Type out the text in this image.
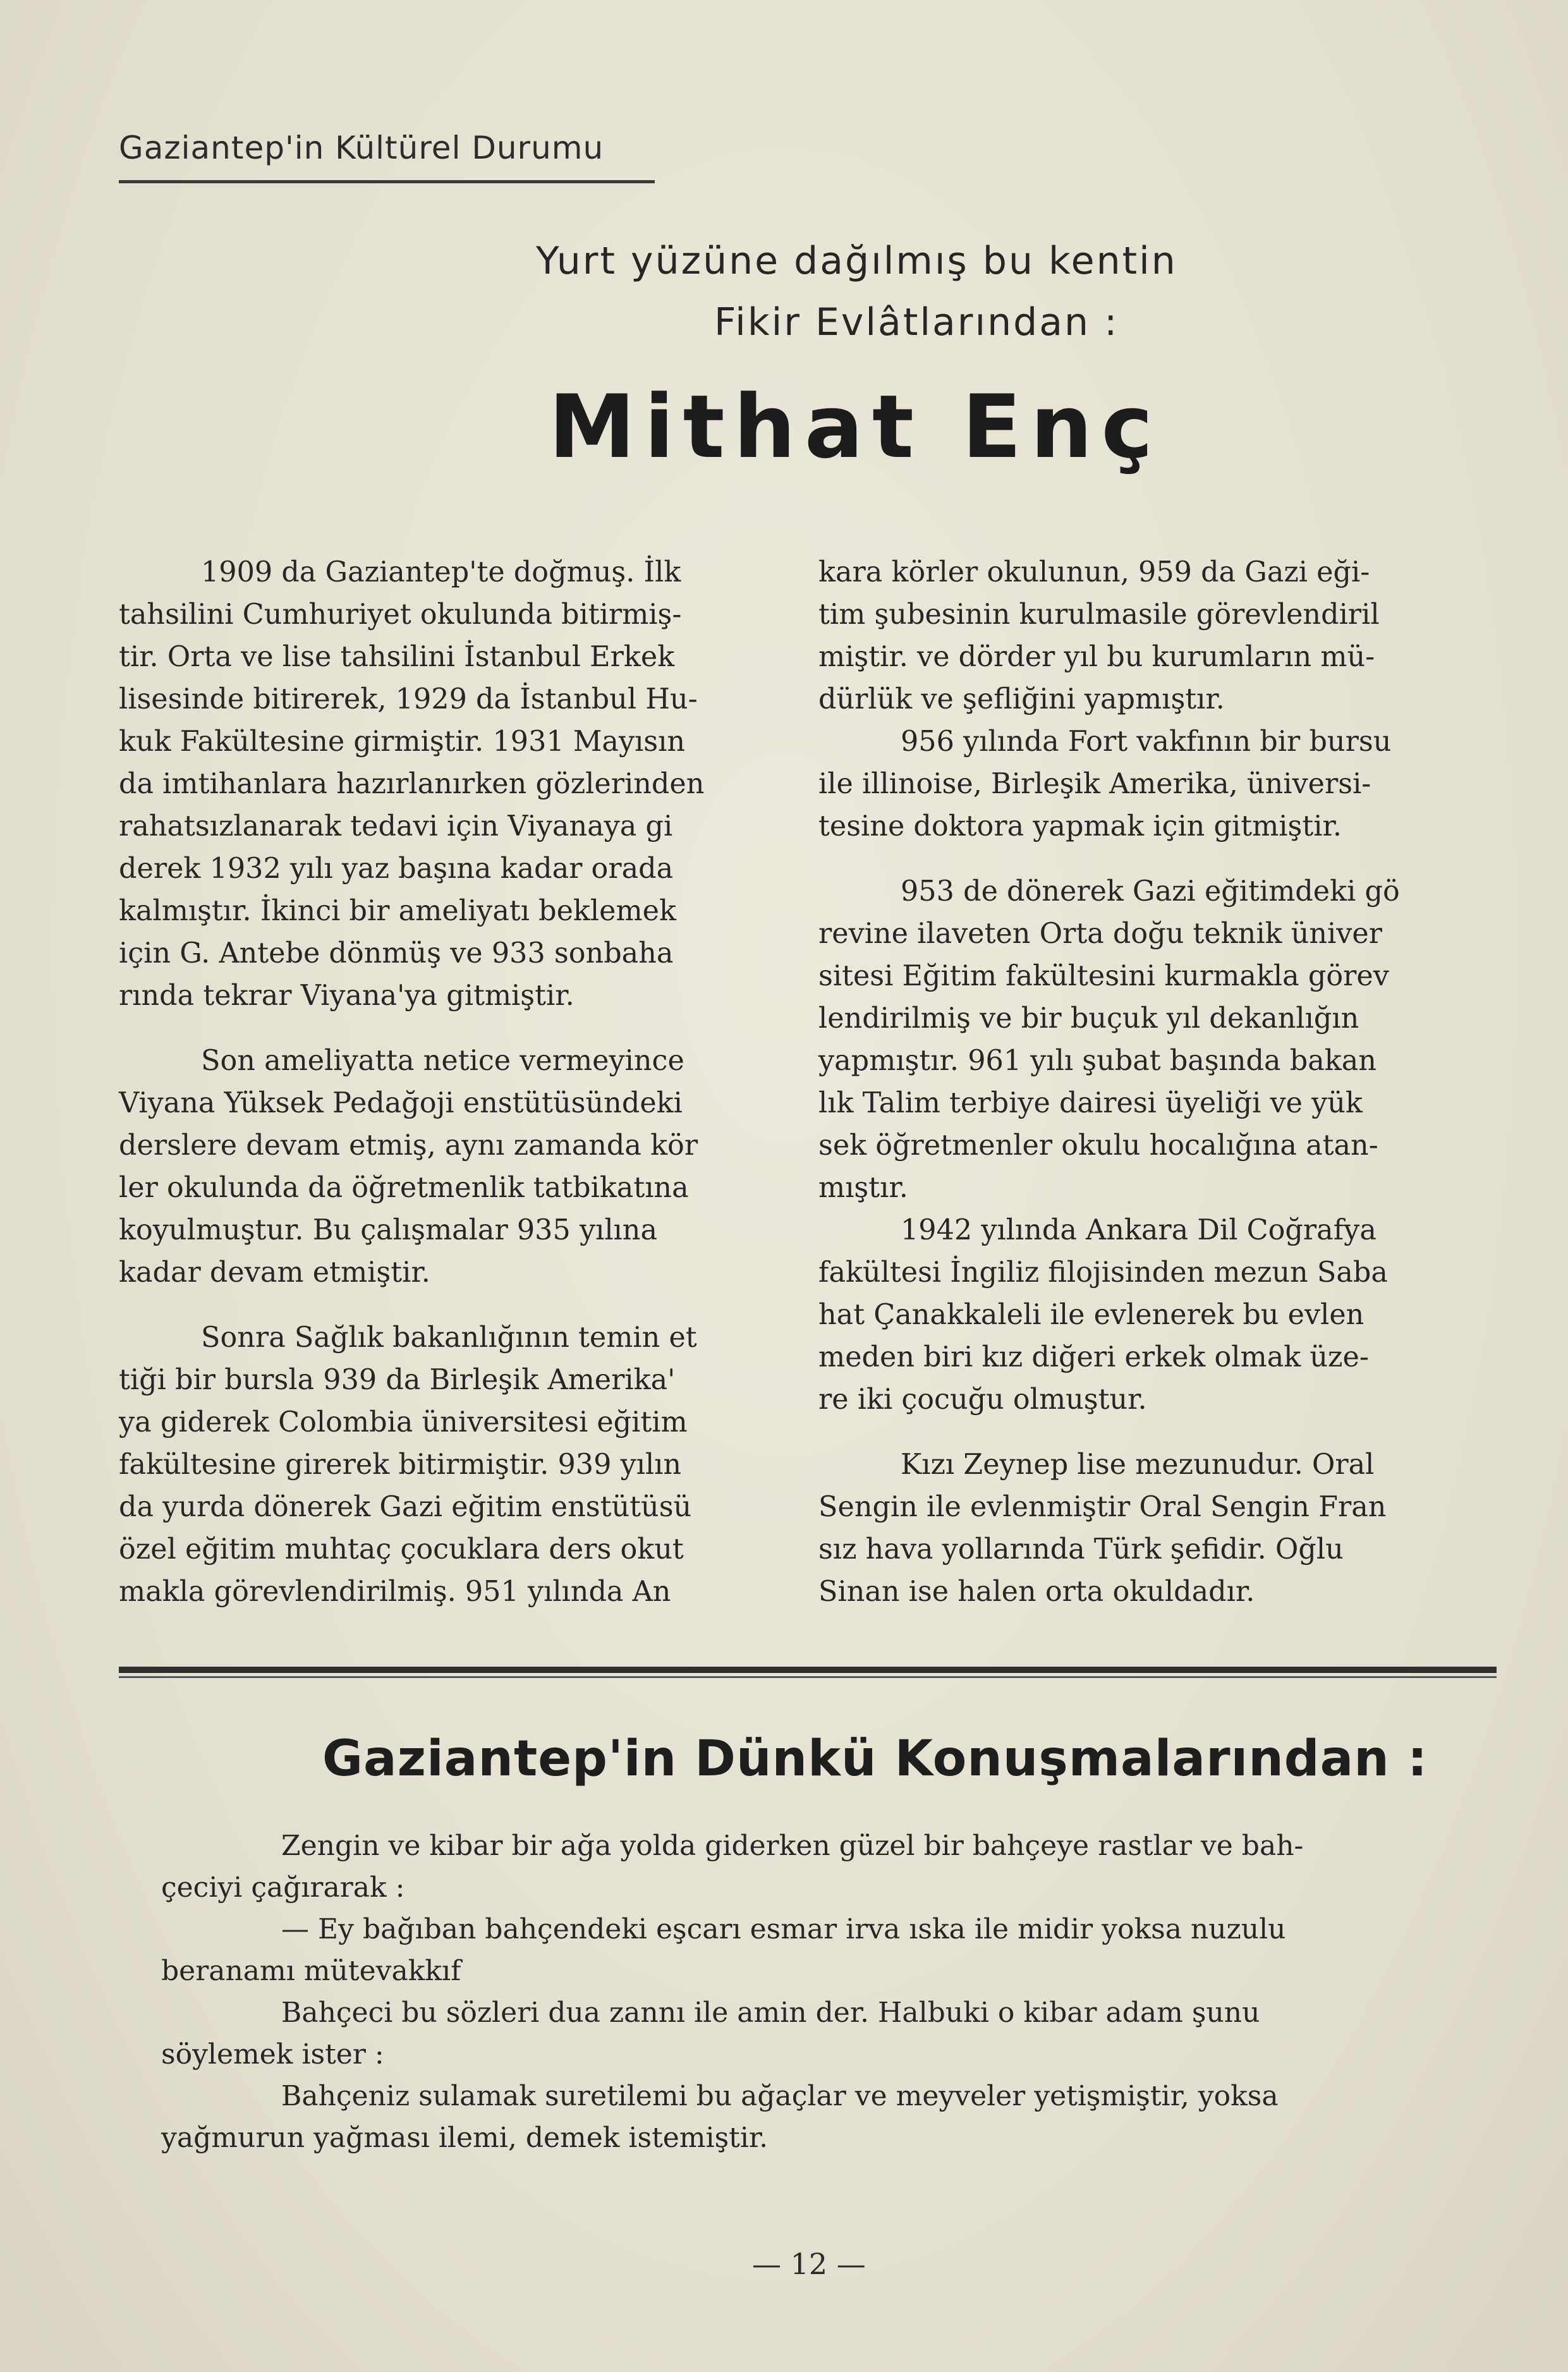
Gaziantep'in Kültürel Durumu
Yurt yüzüne dağılmış bu kentin
Fikir Evlâtlarından :
Mithat Enç
1909 da Gaziantep'te doğmuş. İlk
tahsilini Cumhuriyet okulunda bitirmiş-
tir. Orta ve lise tahsilini İstanbul Erkek
lisesinde bitirerek, 1929 da İstanbul Hu-
kuk Fakültesine girmiştir. 1931 Mayısın
da imtihanlara hazırlanırken gözlerinden
rahatsızlanarak tedavi için Viyanaya gi
derek 1932 yılı yaz başına kadar orada
kalmıştır. İkinci bir ameliyatı beklemek
için G. Antebe dönmüş ve 933 sonbaha
rında tekrar Viyana'ya gitmiştir.
Son ameliyatta netice vermeyince
Viyana Yüksek Pedağoji enstütüsündeki
derslere devam etmiş, aynı zamanda kör
ler okulunda da öğretmenlik tatbikatına
koyulmuştur. Bu çalışmalar 935 yılına
kadar devam etmiştir.
Sonra Sağlık bakanlığının temin et
tiği bir bursla 939 da Birleşik Amerika'
ya giderek Colombia üniversitesi eğitim
fakültesine girerek bitirmiştir. 939 yılın
da yurda dönerek Gazi eğitim enstütüsü
özel eğitim muhtaç çocuklara ders okut
makla görevlendirilmiş. 951 yılında An
kara körler okulunun, 959 da Gazi eği-
tim şubesinin kurulmasile görevlendiril
miştir. ve dörder yıl bu kurumların mü-
dürlük ve şefliğini yapmıştır.
956 yılında Fort vakfının bir bursu
ile illinoise, Birleşik Amerika, üniversi-
tesine doktora yapmak için gitmiştir.
953 de dönerek Gazi eğitimdeki gö
revine ilaveten Orta doğu teknik üniver
sitesi Eğitim fakültesini kurmakla görev
lendirilmiş ve bir buçuk yıl dekanlığın
yapmıştır. 961 yılı şubat başında bakan
lık Talim terbiye dairesi üyeliği ve yük
sek öğretmenler okulu hocalığına atan-
mıştır.
1942 yılında Ankara Dil Coğrafya
fakültesi İngiliz filojisinden mezun Saba
hat Çanakkaleli ile evlenerek bu evlen
meden biri kız diğeri erkek olmak üze-
re iki çocuğu olmuştur.
Kızı Zeynep lise mezunudur. Oral
Sengin ile evlenmiştir Oral Sengin Fran
sız hava yollarında Türk şefidir. Oğlu
Sinan ise halen orta okuldadır.
Gaziantep'in Dünkü Konuşmalarından :
Zengin ve kibar bir ağa yolda giderken güzel bir bahçeye rastlar ve bah-
çeciyi çağırarak :
— Ey bağıban bahçendeki eşcarı esmar irva ıska ile midir yoksa nuzulu
beranamı mütevakkıf
Bahçeci bu sözleri dua zannı ile amin der. Halbuki o kibar adam şunu
söylemek ister :
Bahçeniz sulamak suretilemi bu ağaçlar ve meyveler yetişmiştir, yoksa
yağmurun yağması ilemi, demek istemiştir.
— 12 —
